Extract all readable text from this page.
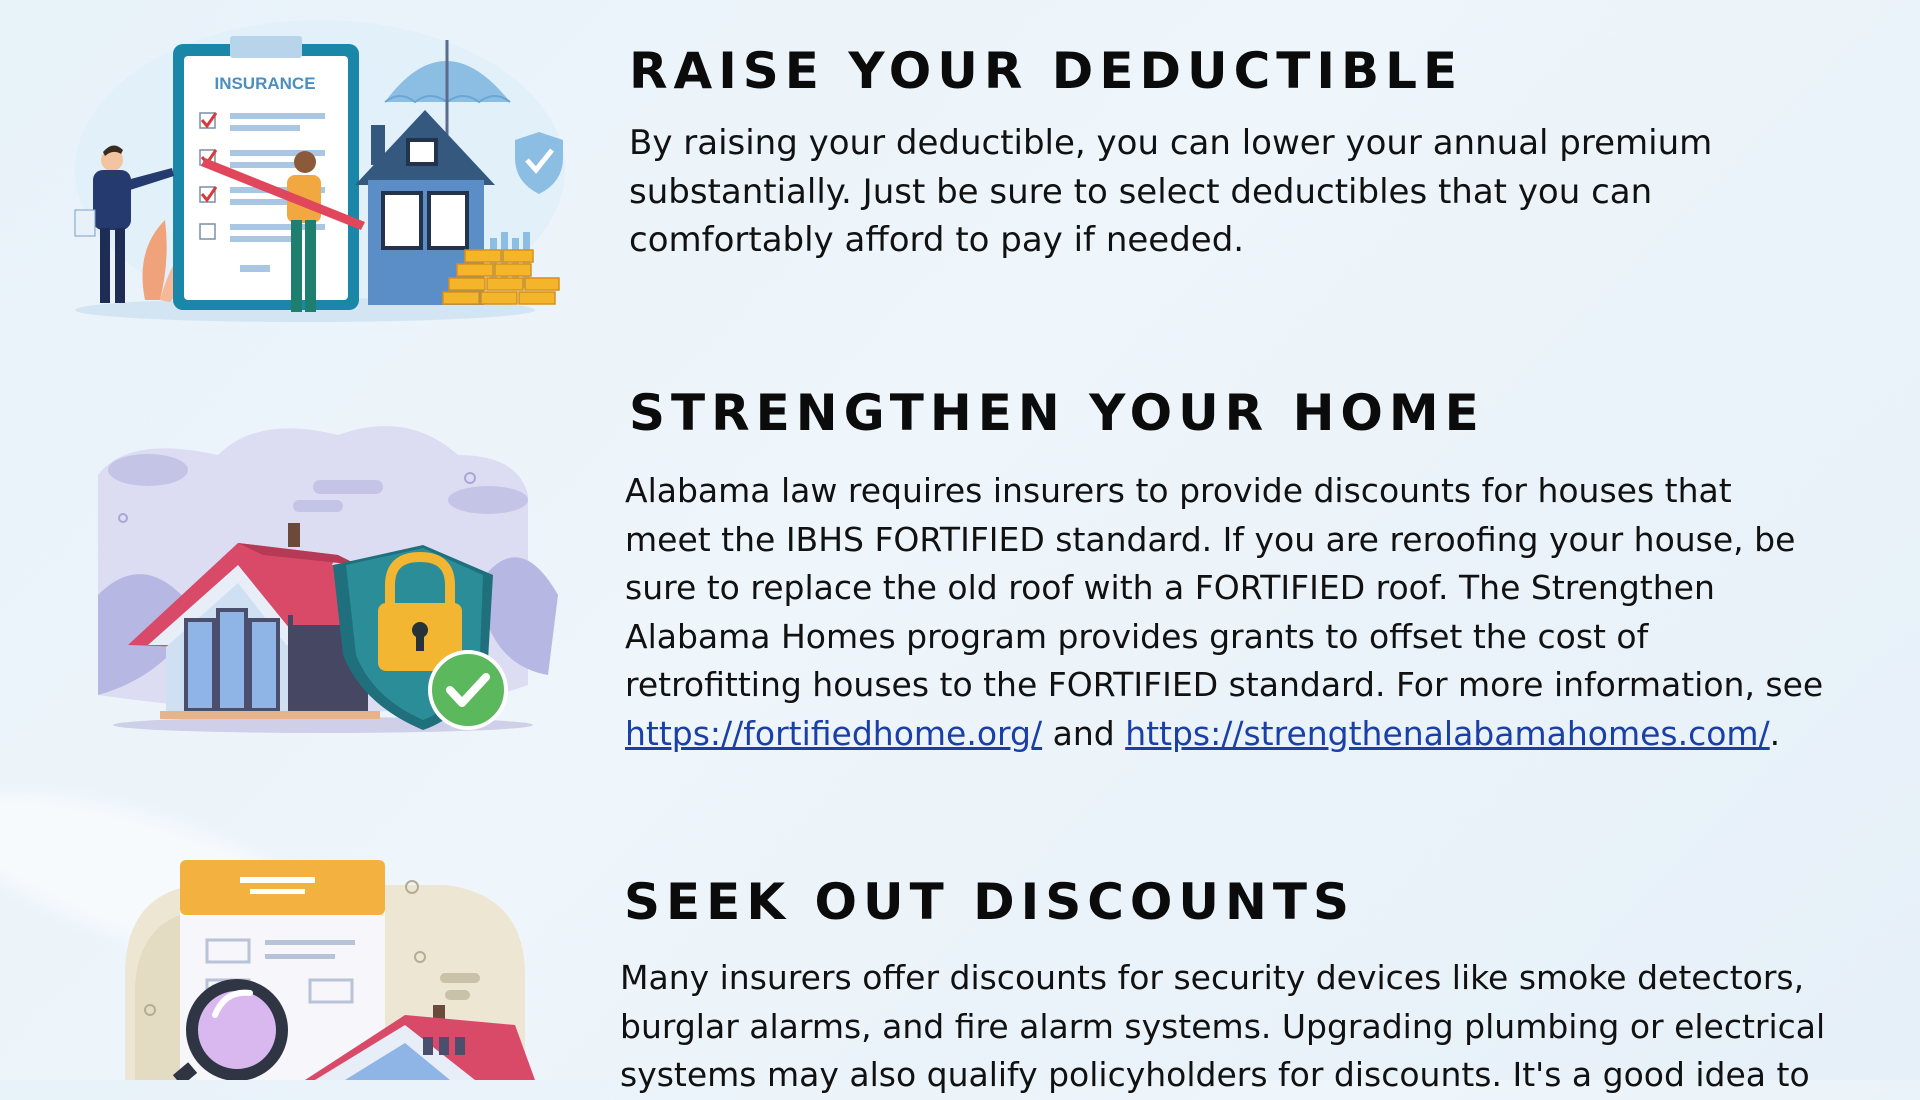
INSURANCE	RAISE YOUR DEDUCTIBLE

By raising your deductible, you can lower your annual premium substantially. Just be sure to select deductibles that you can comfortably afford to pay if needed.

STRENGTHEN YOUR HOME

Alabama law requires insurers to provide discounts for houses that meet the IBHS FORTIFIED standard. If you are reroofing your house, be sure to replace the old roof with a FORTIFIED roof. The Strengthen Alabama Homes program provides grants to offset the cost of retrofitting houses to the FORTIFIED standard. For more information, see https://fortifiedhome.org/ and https://strengthenalabamahomes.com/.

SEEK OUT DISCOUNTS

Many insurers offer discounts for security devices like smoke detectors, burglar alarms, and fire alarm systems. Upgrading plumbing or electrical systems may also qualify policyholders for discounts. It's a good idea to
